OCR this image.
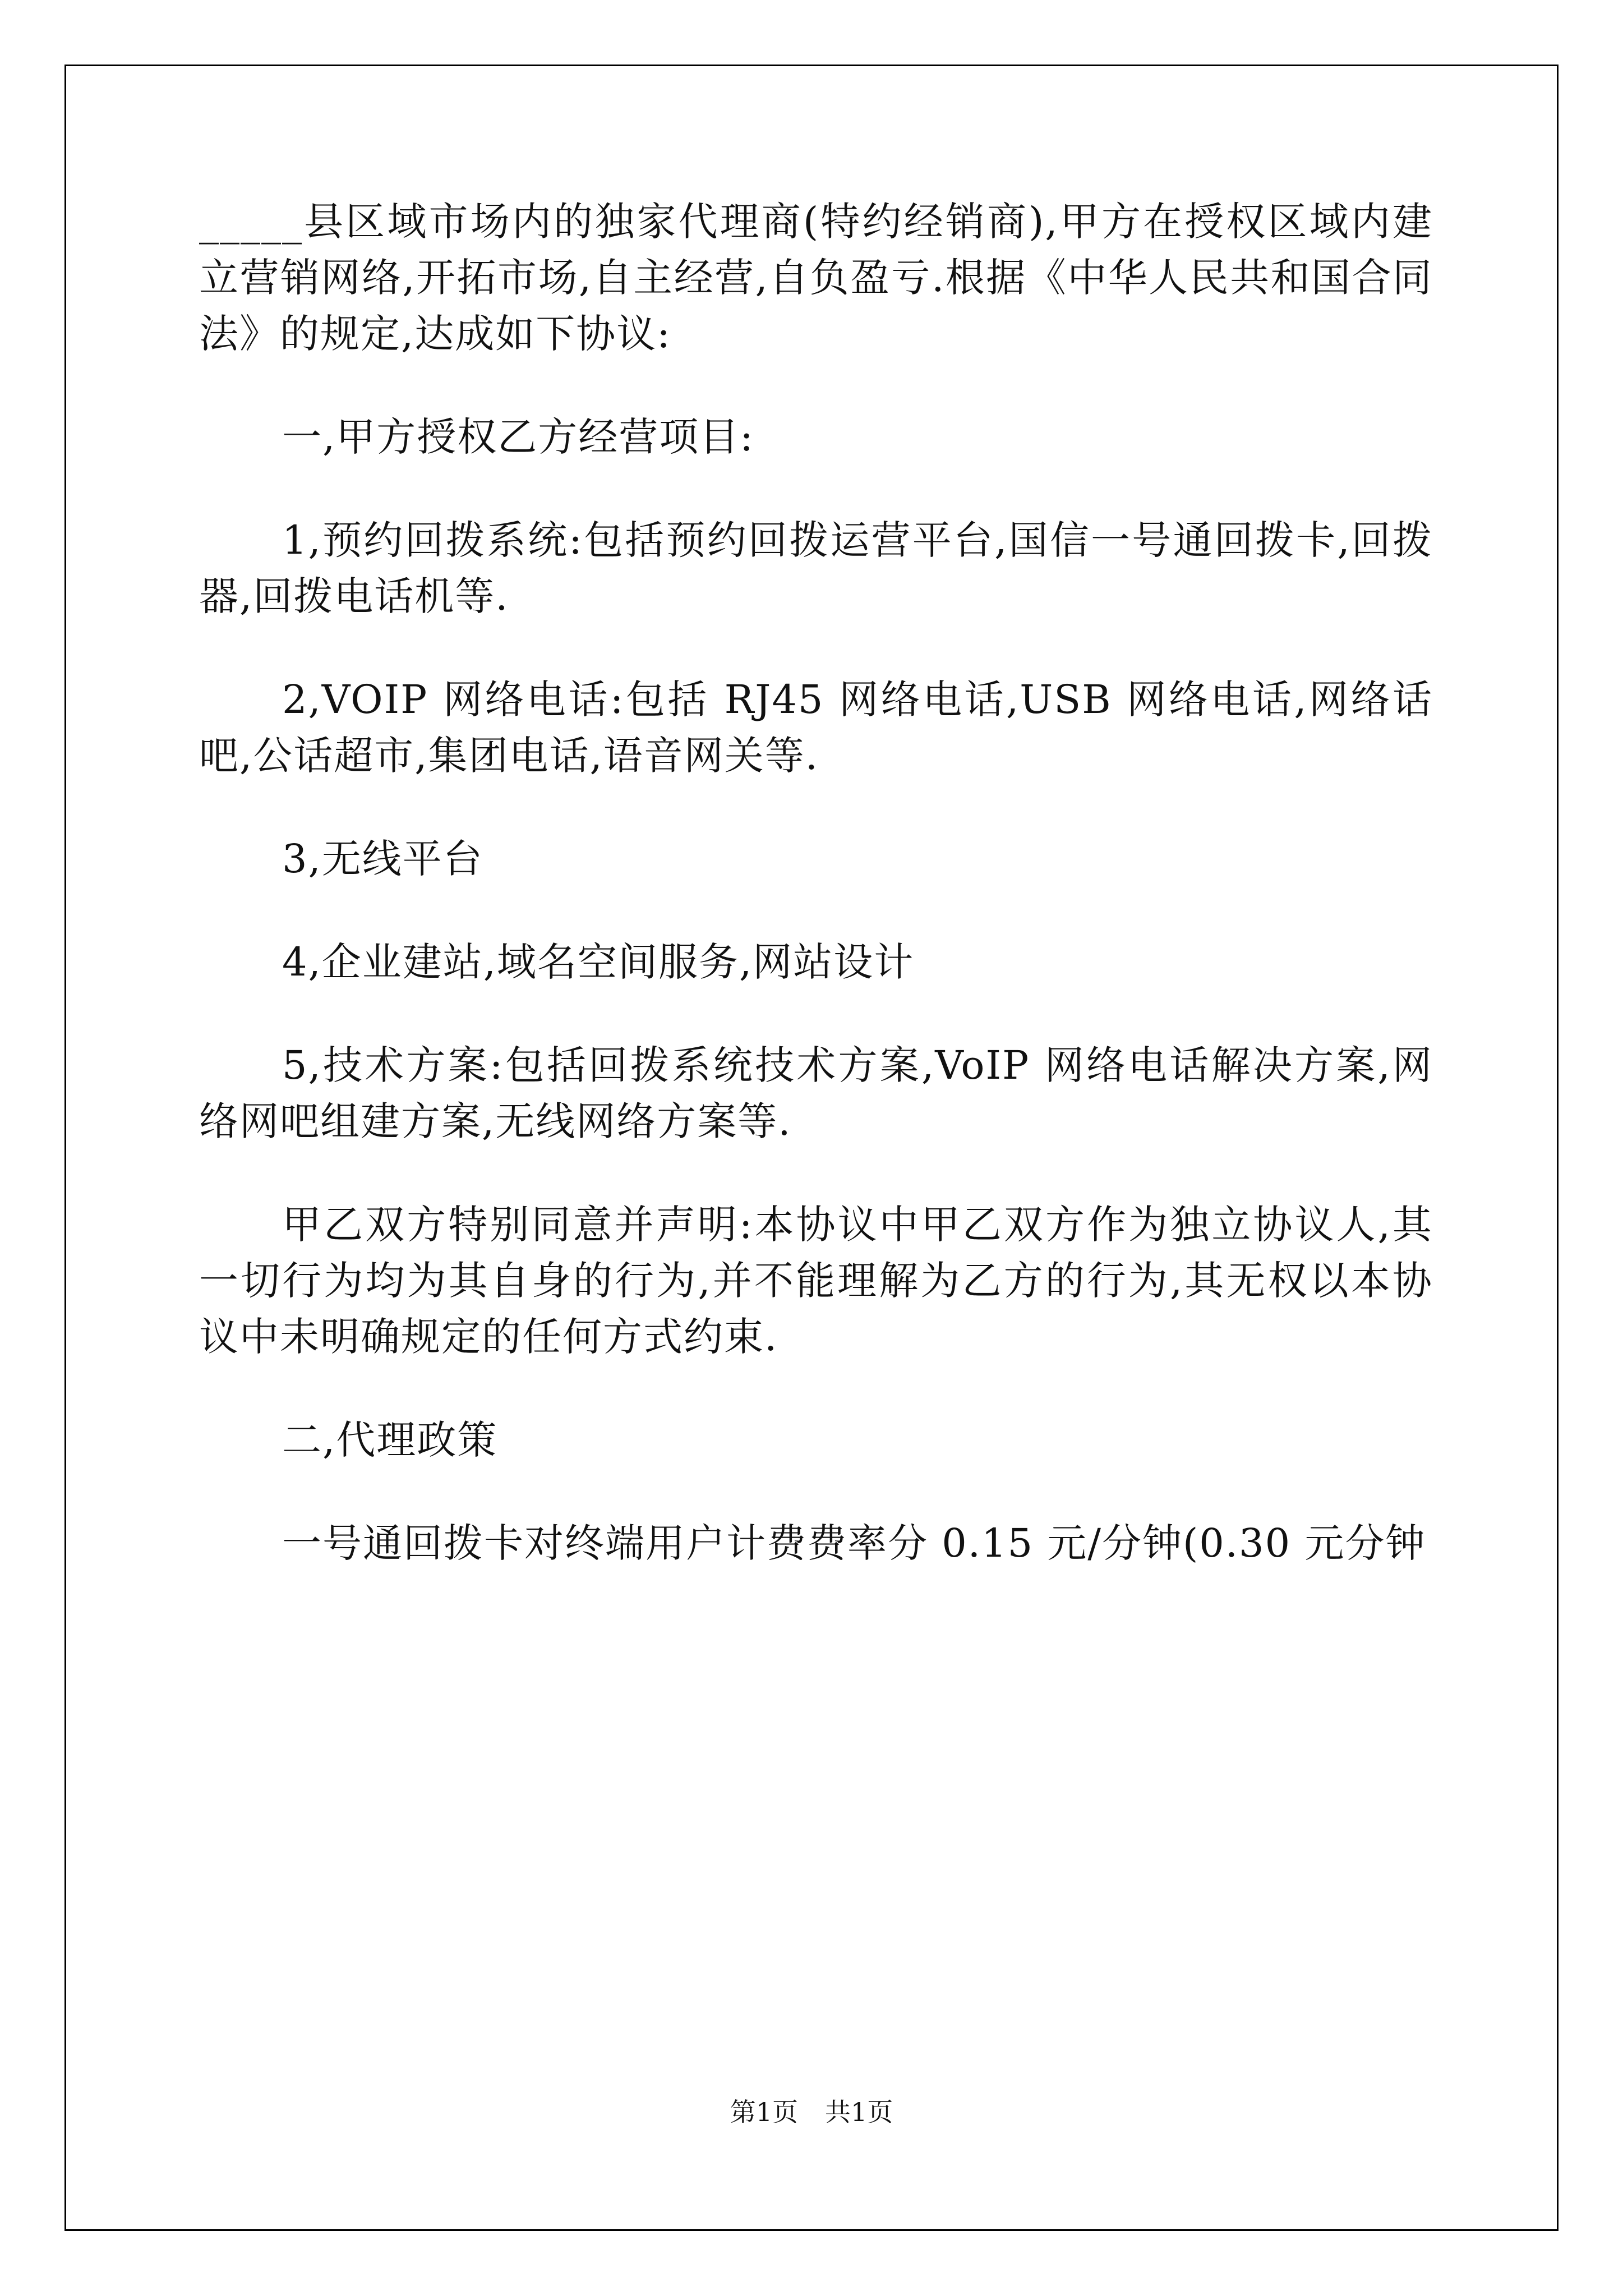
_____县区域市场内的独家代理商(特约经销商),甲方在授权区域内建立营销网络,开拓市场,自主经营,自负盈亏.根据《中华人民共和国合同法》的规定,达成如下协议:

一,甲方授权乙方经营项目:

1,预约回拨系统:包括预约回拨运营平台,国信一号通回拨卡,回拨器,回拨电话机等.

2,VOIP 网络电话:包括 RJ45 网络电话,USB 网络电话,网络话吧,公话超市,集团电话,语音网关等.

3,无线平台

4,企业建站,域名空间服务,网站设计

5,技术方案:包括回拨系统技术方案,VoIP 网络电话解决方案,网络网吧组建方案,无线网络方案等.

甲乙双方特别同意并声明:本协议中甲乙双方作为独立协议人,其一切行为均为其自身的行为,并不能理解为乙方的行为,其无权以本协议中未明确规定的任何方式约束.

二,代理政策

一号通回拨卡对终端用户计费费率分 0.15 元/分钟(0.30 元分钟

第1页 共1页
